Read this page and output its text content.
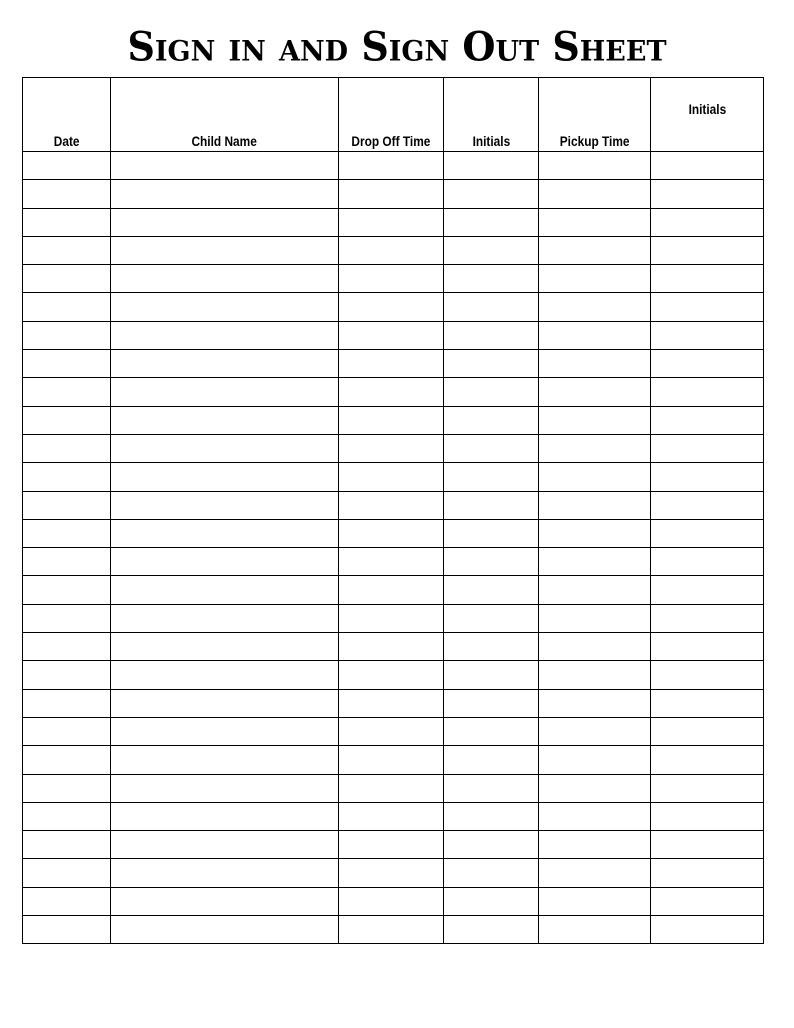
Sign in and Sign Out Sheet
Date	Child Name	Drop Off Time	Initials	Pickup Time	Initials
